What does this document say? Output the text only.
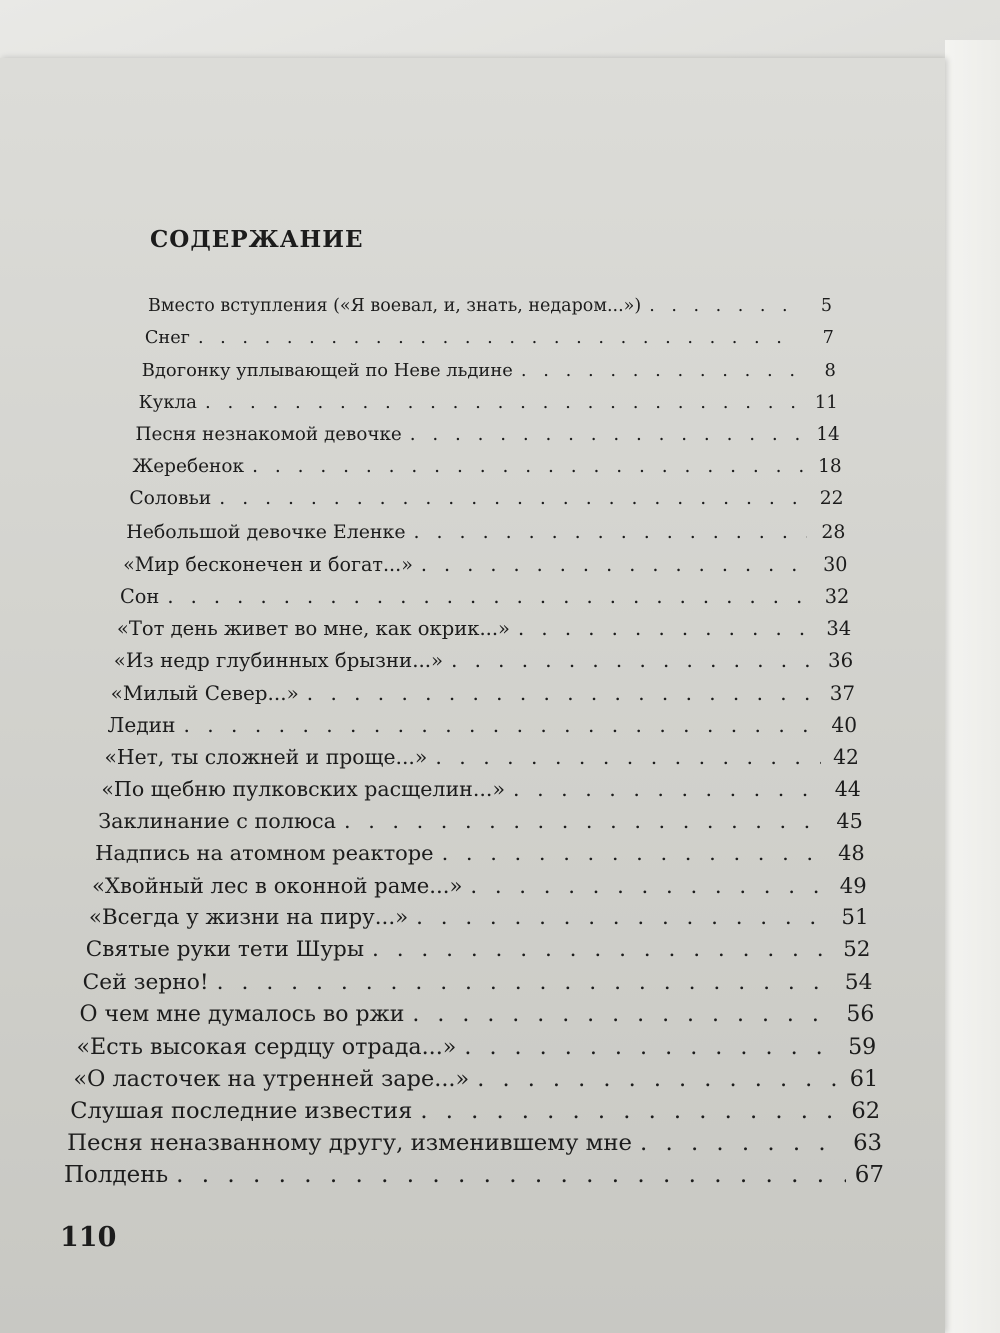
СОДЕРЖАНИЕ
Вместо вступления («Я воевал, и, знать, недаром...») . . .	5
Снег . . .	7
Вдогонку уплывающей по Неве льдине . . .	8
Кукла . . .	11
Песня незнакомой девочке . . .	14
Жеребенок . . .	18
Соловьи . . .	22
Небольшой девочке Еленке . . .	28
«Мир бесконечен и богат...» . . .	30
Сон . . .	32
«Тот день живет во мне, как окрик...» . . .	34
«Из недр глубинных брызни...» . . .	36
«Милый Север...» . . .	37
Ледин . . .	40
«Нет, ты сложней и проще...» . . .	42
«По щебню пулковских расщелин...» . . .	44
Заклинание с полюса . . .	45
Надпись на атомном реакторе . . .	48
«Хвойный лес в оконной раме...» . . .	49
«Всегда у жизни на пиру...» . . .	51
Святые руки тети Шуры . . .	52
Сей зерно! . . .	54
О чем мне думалось во ржи . . .	56
«Есть высокая сердцу отрада...» . . .	59
«О ласточек на утренней заре...» . . .	61
Слушая последние известия . . .	62
Песня неназванному другу, изменившему мне . . .	63
Полдень . . .	67
110
